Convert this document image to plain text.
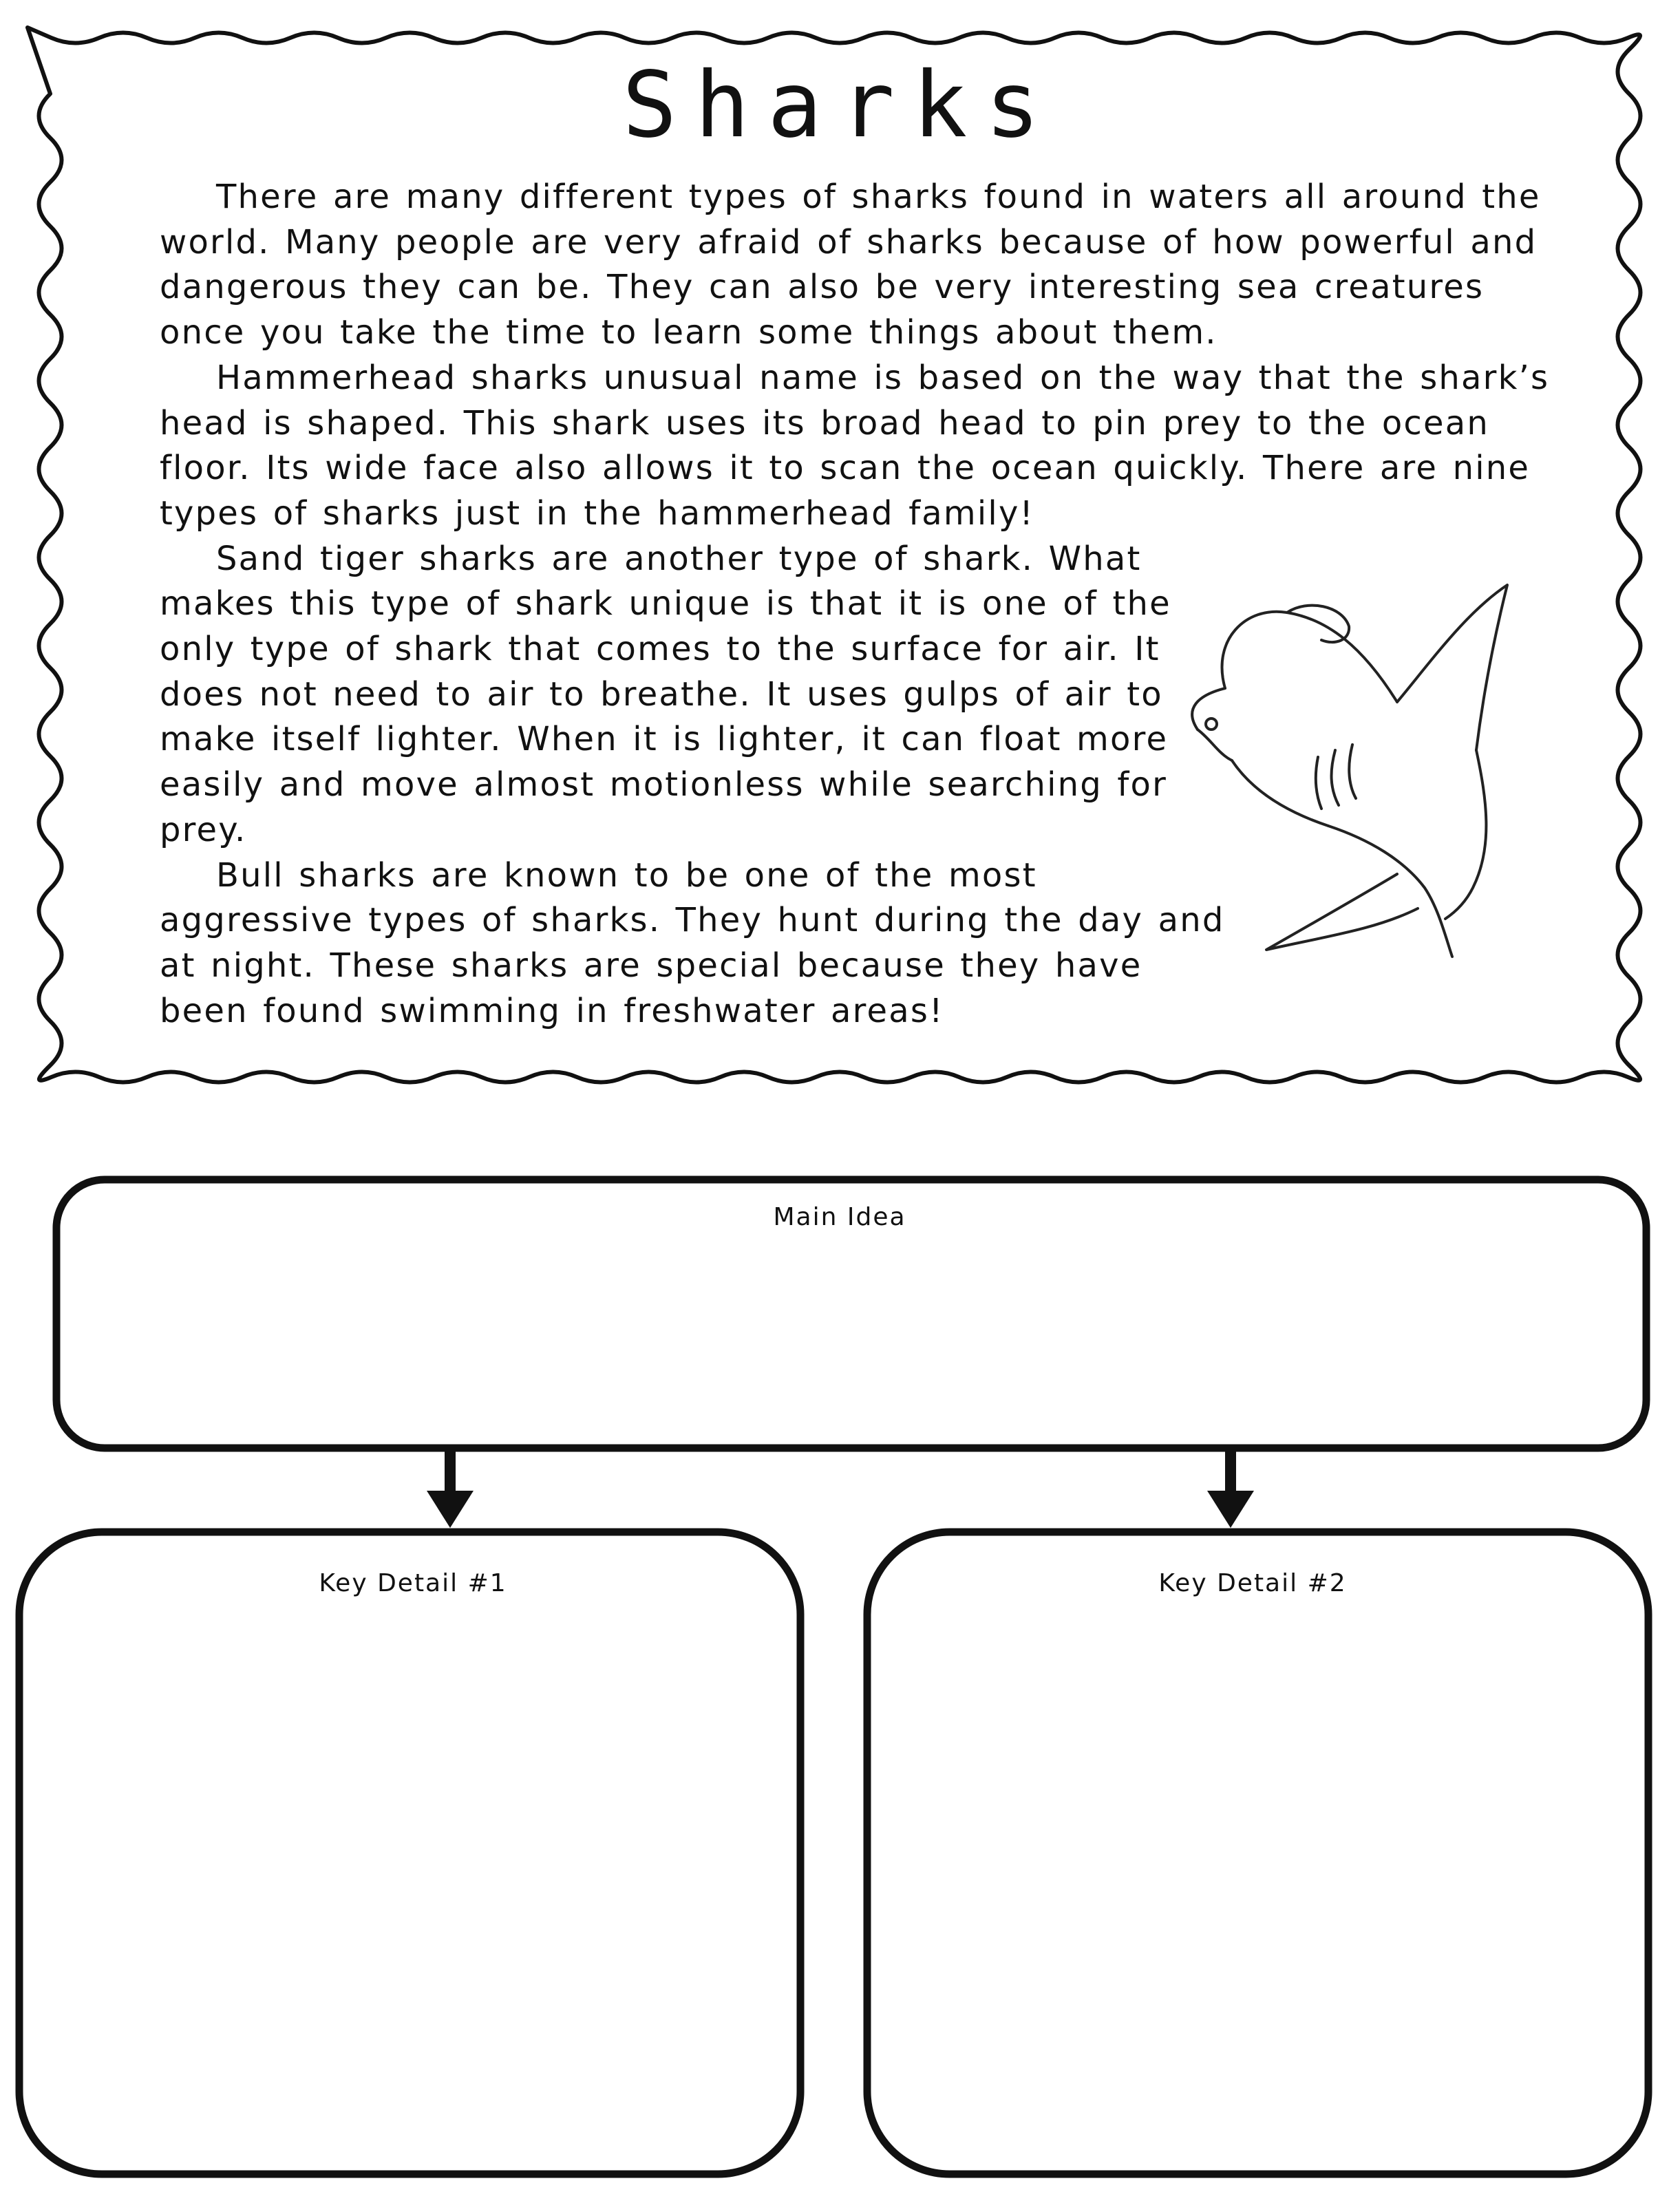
Sharks

There are many different types of sharks found in waters all around the world. Many people are very afraid of sharks because of how powerful and dangerous they can be. They can also be very interesting sea creatures once you take the time to learn some things about them.

Hammerhead sharks unusual name is based on the way that the shark’s head is shaped. This shark uses its broad head to pin prey to the ocean floor. Its wide face also allows it to scan the ocean quickly. There are nine types of sharks just in the hammerhead family!

Sand tiger sharks are another type of shark. What makes this type of shark unique is that it is one of the only type of shark that comes to the surface for air. It does not need to air to breathe. It uses gulps of air to make itself lighter. When it is lighter, it can float more easily and move almost motionless while searching for prey.

Bull sharks are known to be one of the most aggressive types of sharks. They hunt during the day and at night. These sharks are special because they have been found swimming in freshwater areas!

Main Idea
Key Detail #1	Key Detail #2
